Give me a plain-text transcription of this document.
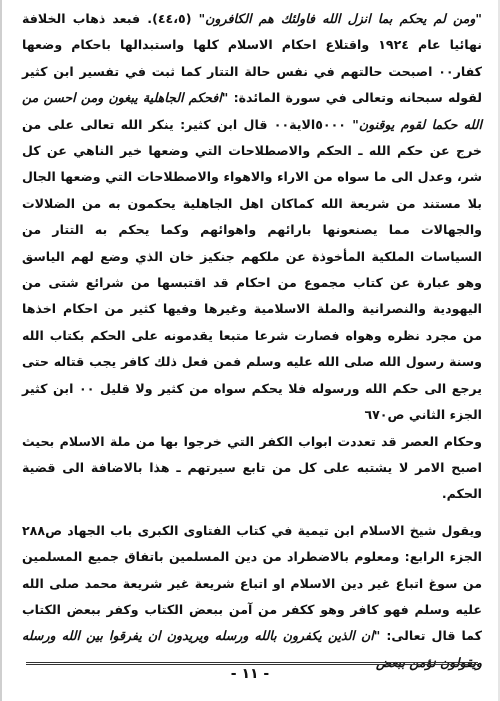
"ومن لم يحكم بما انزل الله فاولئك هم الكافرون" (٤٤،٥). فبعد ذهاب الخلافة نهائيا عام ١٩٢٤ واقتلاع احكام الاسلام كلها واستبدالها باحكام وضعها كفار٠٠ اصبحت حالتهم في نفس حالة التتار كما ثبت في تفسير ابن كثير لقوله سبحانه وتعالى في سورة المائدة: "افحكم الجاهلية يبغون ومن احسن من الله حكما لقوم يوقنون" ٥٠٠٠الاية٠٠ قال ابن كثير: ينكر الله تعالى على من خرج عن حكم الله ـ الحكم والاصطلاحات التي وضعها خير الناهي عن كل شر، وعدل الى ما سواه من الاراء والاهواء والاصطلاحات التي وضعها الجال بلا مستند من شريعة الله كماكان اهل الجاهلية يحكمون به من الضلالات والجهالات مما يصنعونها بارائهم واهوائهم وكما يحكم به التتار من السياسات الملكية المأخوذة عن ملكهم جنكيز خان الذي وضع لهم الياسق وهو عبارة عن كتاب مجموع من احكام قد اقتبسها من شرائع شتى من اليهودية والنصرانية والملة الاسلامية وغيرها وفيها كثير من احكام اخذها من مجرد نظره وهواه فصارت شرعا متبعا يقدمونه على الحكم بكتاب الله وسنة رسول الله صلى الله عليه وسلم فمن فعل ذلك كافر يجب قتاله حتى يرجع الى حكم الله ورسوله فلا يحكم سواه من كثير ولا قليل ٠٠ ابن كثير الجزء الثاني ص٦٧٠

وحكام العصر قد تعددت ابواب الكفر التي خرجوا بها من ملة الاسلام بحيث اصبح الامر لا يشتبه على كل من تابع سيرتهم ـ هذا بالاضافة الى قضية الحكم.

ويقول شيخ الاسلام ابن تيمية في كتاب الفتاوى الكبرى باب الجهاد ص٢٨٨ الجزء الرابع: ومعلوم بالاضطراد من دين المسلمين باتفاق جميع المسلمين من سوغ اتباع غير دين الاسلام او اتباع شريعة غير شريعة محمد صلى الله عليه وسلم فهو كافر وهو ككفر من آمن ببعض الكتاب وكفر ببعض الكتاب كما قال تعالى: "ان الذين يكفرون بالله ورسله ويريدون ان يفرقوا بين الله ورسله ويقولون نؤمن ببعض

- ١١ -
